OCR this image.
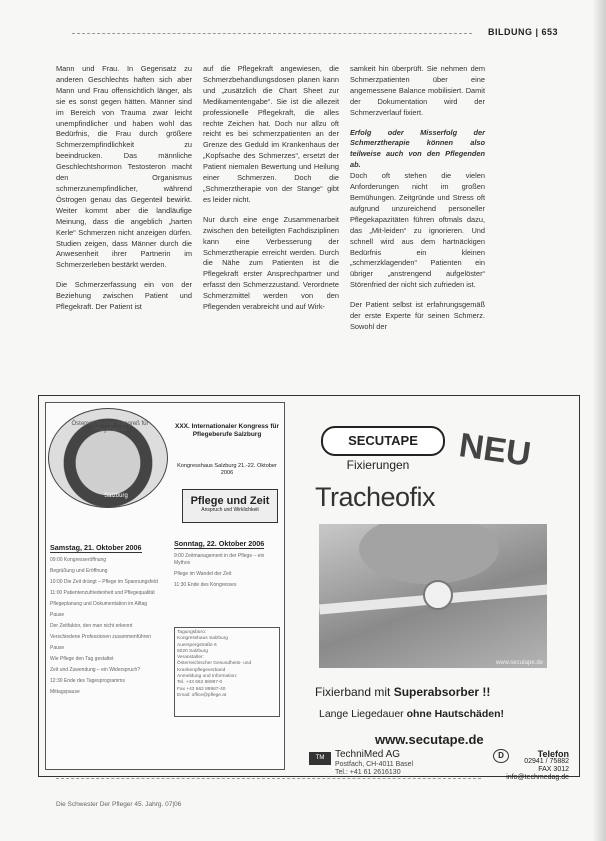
BILDUNG | 653

Mann und Frau. In Gegensatz zu anderen Geschlechts haften sich aber Mann und Frau offensichtlich länger, als sie es sonst gegen hätten. Männer sind im Bereich von Trauma zwar leicht unempfindlicher und haben wohl das Bedürfnis, die Frau durch größere Schmerzempfindlichkeit zu beeindrucken. Das männliche Geschlechtshormon Testosteron macht den Organismus schmerzunempfindlicher, während Östrogen genau das Gegenteil bewirkt. Weiter kommt aber die landläufige Meinung, dass die angeblich „harten Kerle“ Schmerzen nicht anzeigen dürfen. Studien zeigen, dass Männer durch die Anwesenheit ihrer Partnerin im Schmerzerleben bestärkt werden.

Die Schmerzerfassung ein von der Beziehung zwischen Patient und Pflegekraft. Der Patient ist

auf die Pflegekraft angewiesen, die Schmerzbehandlungsdosen planen kann und „zusätzlich die Chart Sheet zur Medikamentengabe“. Sie ist die allezeit professionelle Pflegekraft, die alles rechte Zeichen hat. Doch nur allzu oft reicht es bei schmerzpatienten an der Grenze des Geduld im Krankenhaus der „Kopfsache des Schmerzes“, ersetzt der Patient niemalen Bewertung und Heilung einer Schmerzen. Doch die „Schmerztherapie von der Stange“ gibt es leider nicht.

Nur durch eine enge Zusammenarbeit zwischen den beteiligten Fachdisziplinen kann eine Verbesserung der Schmerztherapie erreicht werden. Durch die Nähe zum Patienten ist die Pflegekraft erster Ansprechpartner und erfasst den Schmerzzustand. Verordnete Schmerzmittel werden von den Pflegenden verabreicht und auf Wirk-

samkeit hin überprüft. Sie nehmen dem Schmerzpatienten über eine angemessene Balance mobilisiert. Damit der Dokumentation wird der Schmerzverlauf fixiert.

Erfolg oder Misserfolg der Schmerztherapie können also teilweise auch von den Pflegenden ab.

Doch oft stehen die vielen Anforderungen nicht im großen Bemühungen. Zeitgründe und Stress oft aufgrund unzureichend personeller Pflegekapazitäten führen oftmals dazu, das „Mit-leiden“ zu ignorieren. Und schnell wird aus dem hartnäckigen Bedürfnis ein kleinen „schmerzklagenden“ Patienten ein übriger „anstrengend aufgelöster“ Störenfried der nicht sich zufrieden ist.

Der Patient selbst ist erfahrungsgemäß der erste Experte für seinen Schmerz. Sowohl der

Österreichischer Kongreß für Pflegeberufe
Salzburg
XXX. Internationaler Kongress für Pflegeberufe Salzburg
Kongresshaus Salzburg 21.-22. Oktober 2006
Pflege und Zeit
Anspruch und Wirklichkeit
Samstag, 21. Oktober 2006
09:00 Kongresseröffnung
Begrüßung und Eröffnung
10:00 Die Zeit drängt – Pflege im Spannungsfeld
11:00 Patientenzufriedenheit und Pflegequalität
Pflegeplanung und Dokumentation im Alltag
Pause
Der Zeitfaktor, den man nicht erkennt
Verschiedene Professionen zusammenführen
Pause
Wie Pflege den Tag gestaltet
Zeit und Zuwendung – ein Widerspruch?
12:30 Ende des Tagesprogramms
Mittagspause
Sonntag, 22. Oktober 2006
9:00 Zeitmanagement in der Pflege – ein Mythos
Pflege im Wandel der Zeit
11:30 Ende des Kongresses
Tagungsbüro:
Kongresshaus Salzburg
Auerspergstraße 6
5020 Salzburg
Veranstalter:
Österreichischer Gesundheits- und Krankenpflegeverband
Anmeldung und Information:
Tel. +43 662 88987-0
Fax +43 662 88987-40
Email: office@pflege.at
SECUTAPE
Fixierungen	NEU
Tracheofix
www.secutape.de
Fixierband mit Superabsorber !!
Lange Liegedauer ohne Hautschäden!
www.secutape.de
TM	TechniMed AG
Postfach, CH-4011 Basel
Tel.: +41 61 2616130
D	Telefon
02941 / 75882
FAX 3012
info@techmedag.de
Die Schwester Der Pfleger 45. Jahrg. 07|06
